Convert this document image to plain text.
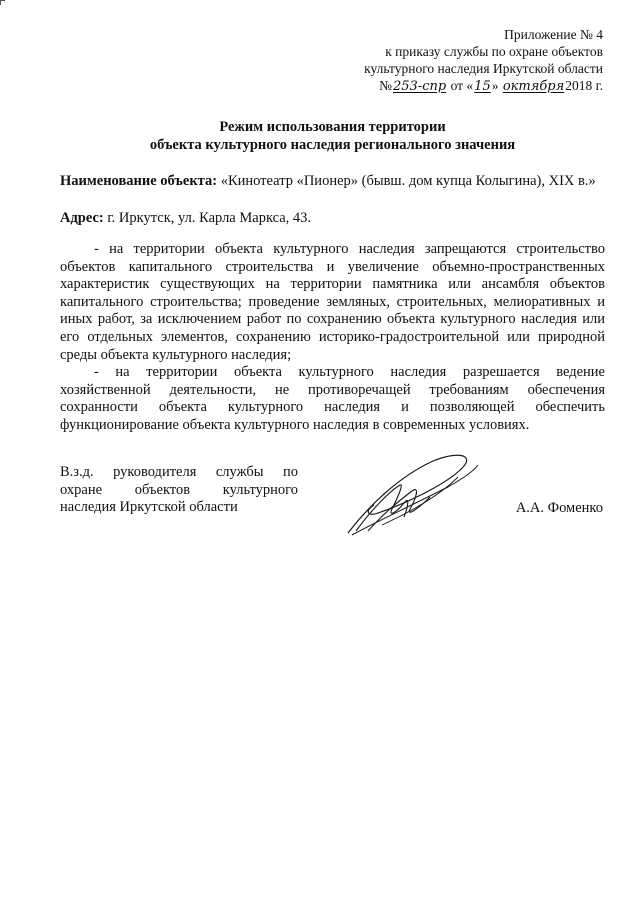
Приложение № 4
к приказу службы по охране объектов
культурного наследия Иркутской области
№253-спр от «15» октября2018 г.
Режим использования территории
объекта культурного наследия регионального значения
Наименование объекта: «Кинотеатр «Пионер» (бывш. дом купца Колыгина), XIX в.»
Адрес: г. Иркутск, ул. Карла Маркса, 43.

- на территории объекта культурного наследия запрещаются строительство объектов капитального строительства и увеличение объемно-пространственных характеристик существующих на территории памятника или ансамбля объектов капитального строительства; проведение земляных, строительных, мелиоративных и иных работ, за исключением работ по сохранению объекта культурного наследия или его отдельных элементов, сохранению историко-градостроительной или природной среды объекта культурного наследия;

- на территории объекта культурного наследия разрешается ведение хозяйственной деятельности, не противоречащей требованиям обеспечения сохранности объекта культурного наследия и позволяющей обеспечить функционирование объекта культурного наследия в современных условиях.

В.з.д. руководителя службы по
охране объектов культурного

наследия Иркутской области	А.А. Фоменко
